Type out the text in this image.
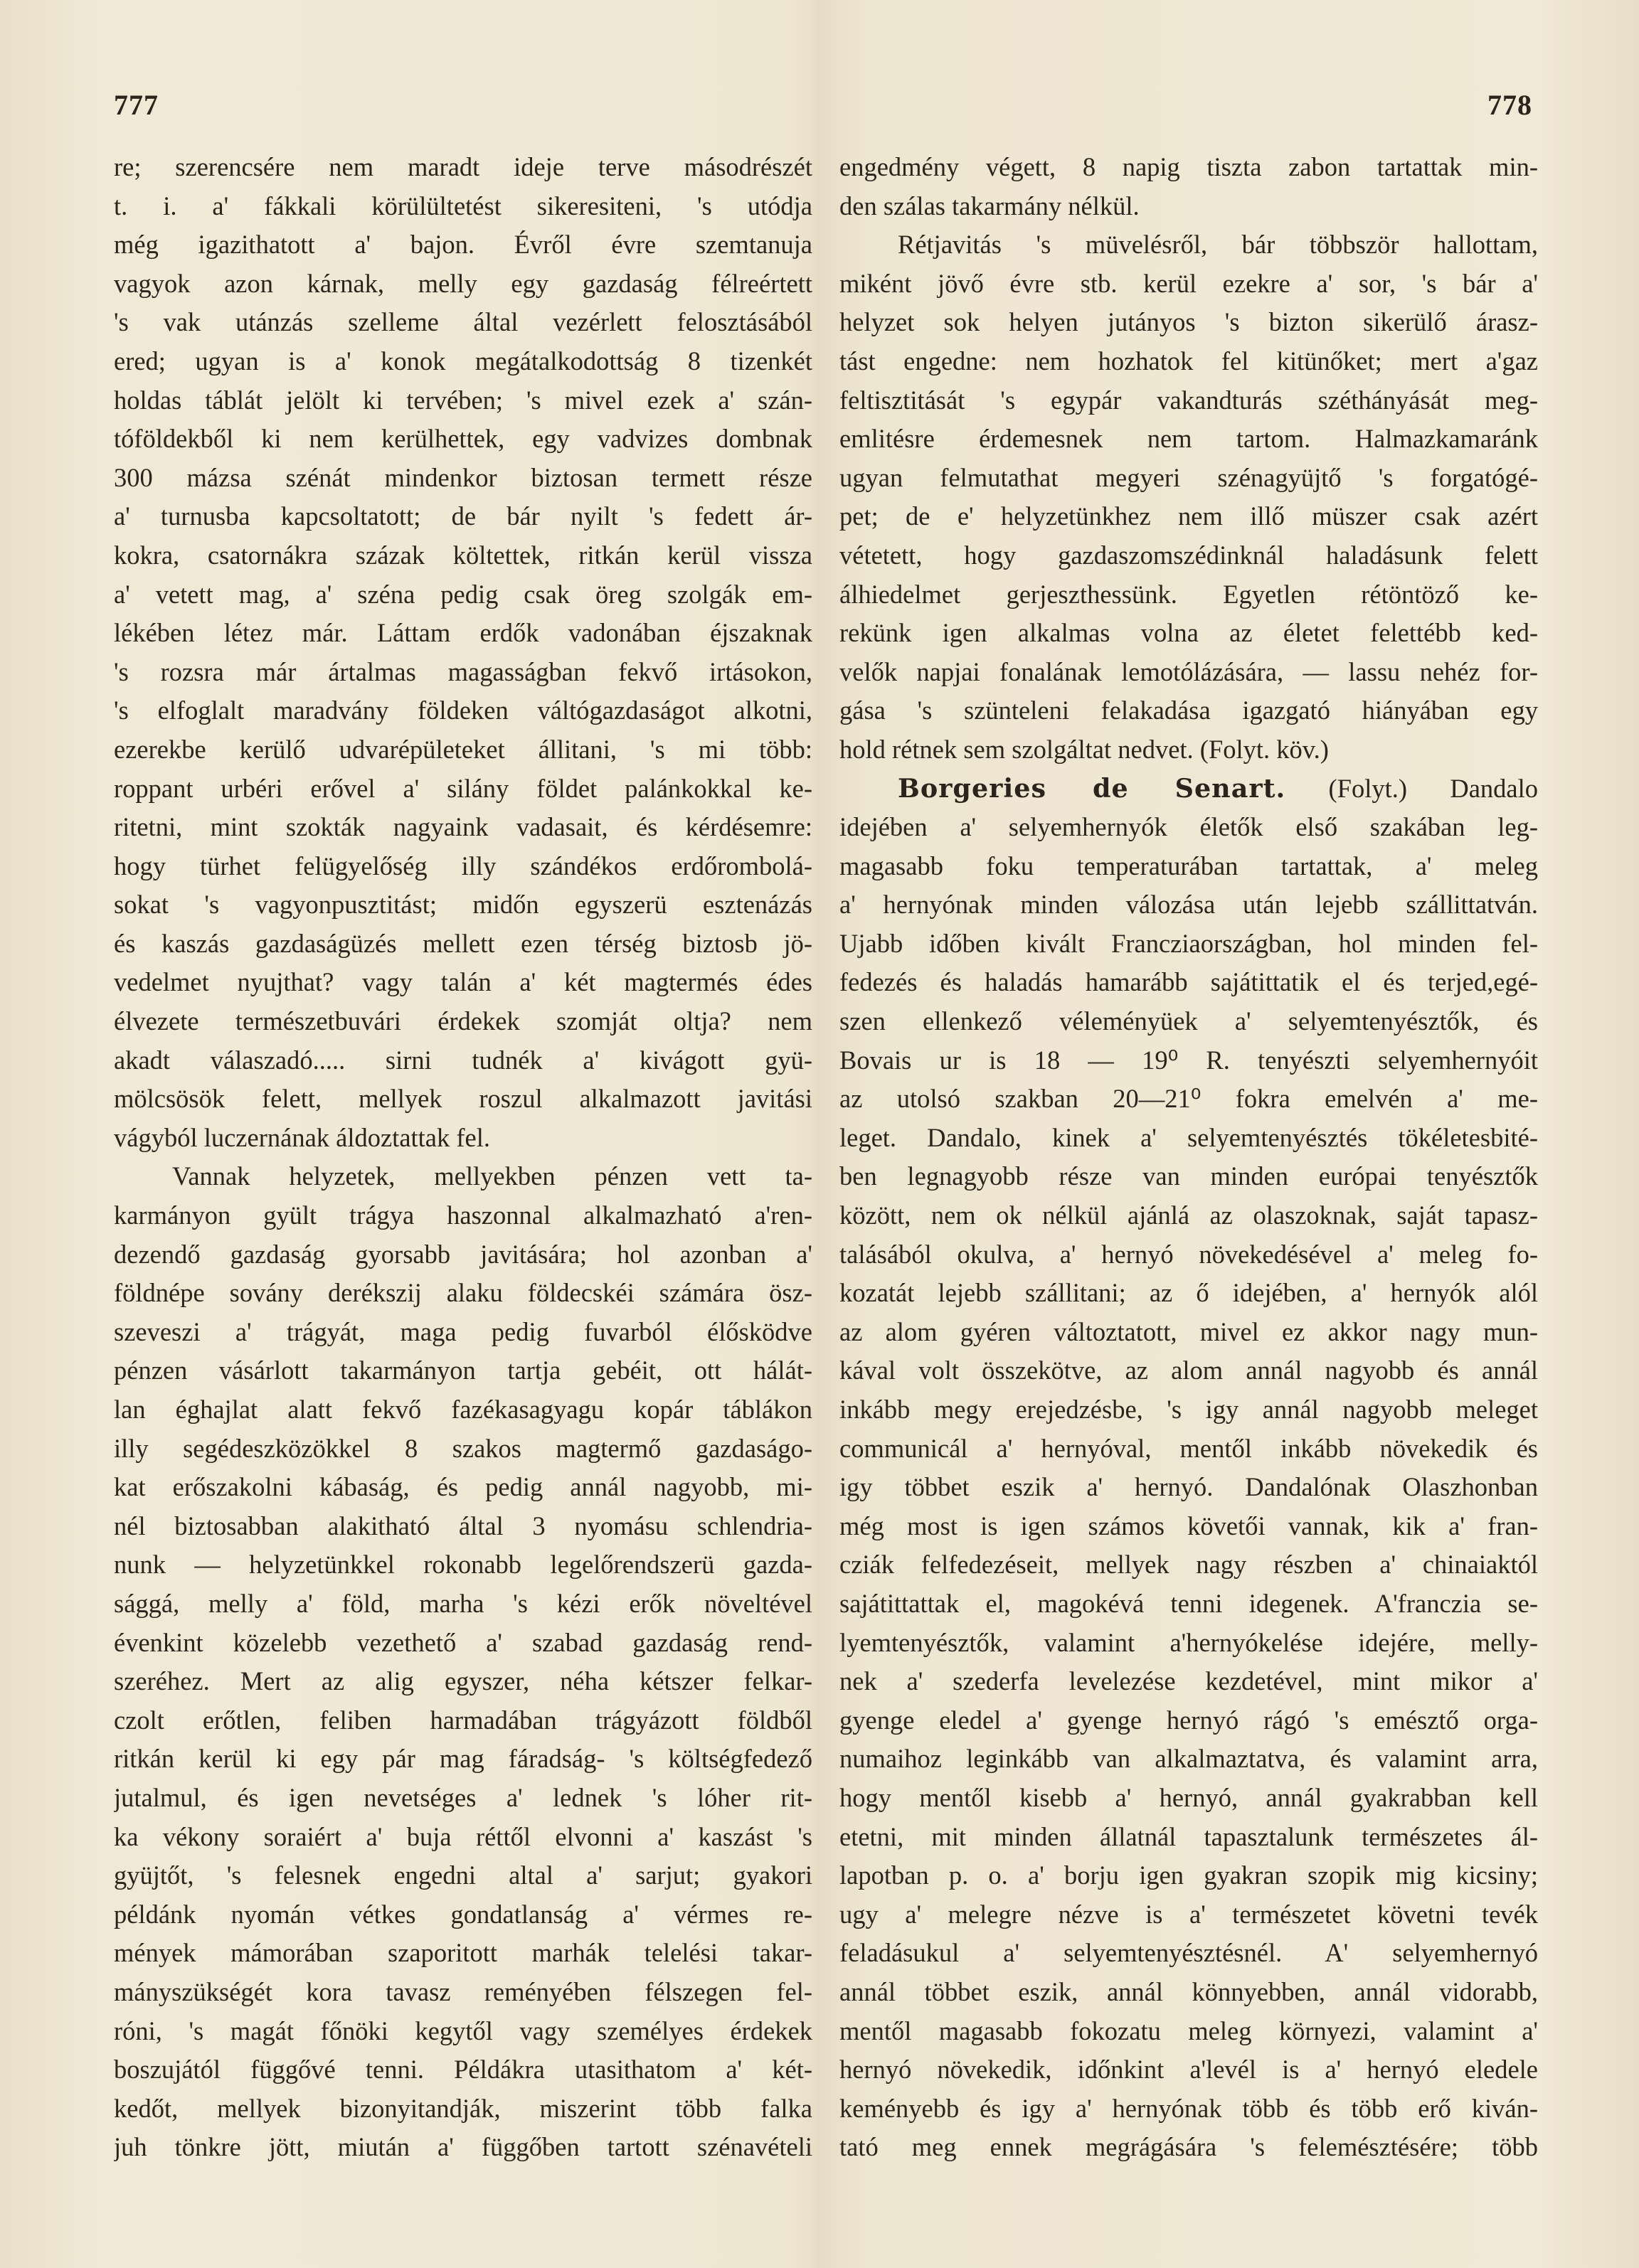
777	778
re; szerencsére nem maradt ideje terve másodrészét
t. i. a' fákkali körülültetést sikeresiteni, 's utódja
még igazithatott a' bajon. Évről évre szemtanuja
vagyok azon kárnak, melly egy gazdaság félreértett
's vak utánzás szelleme által vezérlett felosztásából
ered; ugyan is a' konok megátalkodottság 8 tizenkét
holdas táblát jelölt ki tervében; 's mivel ezek a' szán-
tóföldekből ki nem kerülhettek, egy vadvizes dombnak
300 mázsa szénát mindenkor biztosan termett része
a' turnusba kapcsoltatott; de bár nyilt 's fedett ár-
kokra, csatornákra százak költettek, ritkán kerül vissza
a' vetett mag, a' széna pedig csak öreg szolgák em-
lékében létez már. Láttam erdők vadonában éjszaknak
's rozsra már ártalmas magasságban fekvő irtásokon,
's elfoglalt maradvány földeken váltógazdaságot alkotni,
ezerekbe kerülő udvarépületeket állitani, 's mi több:
roppant urbéri erővel a' silány földet palánkokkal ke-
ritetni, mint szokták nagyaink vadasait, és kérdésemre:
hogy türhet felügyelőség illy szándékos erdőrombolá-
sokat 's vagyonpusztitást; midőn egyszerü esztenázás
és kaszás gazdaságüzés mellett ezen térség biztosb jö-
vedelmet nyujthat? vagy talán a' két magtermés édes
élvezete természetbuvári érdekek szomját oltja? nem
akadt válaszadó..... sirni tudnék a' kivágott gyü-
mölcsösök felett, mellyek roszul alkalmazott javitási
vágyból luczernának áldoztattak fel.
Vannak helyzetek, mellyekben pénzen vett ta-
karmányon gyült trágya haszonnal alkalmazható a'ren-
dezendő gazdaság gyorsabb javitására; hol azonban a'
földnépe sovány derékszij alaku földecskéi számára ösz-
szeveszi a' trágyát, maga pedig fuvarból élősködve
pénzen vásárlott takarmányon tartja gebéit, ott hálát-
lan éghajlat alatt fekvő fazékasagyagu kopár táblákon
illy segédeszközökkel 8 szakos magtermő gazdaságo-
kat erőszakolni kábaság, és pedig annál nagyobb, mi-
nél biztosabban alakitható által 3 nyomásu schlendria-
nunk — helyzetünkkel rokonabb legelőrendszerü gazda-
sággá, melly a' föld, marha 's kézi erők növeltével
évenkint közelebb vezethető a' szabad gazdaság rend-
szeréhez. Mert az alig egyszer, néha kétszer felkar-
czolt erőtlen, feliben harmadában trágyázott földből
ritkán kerül ki egy pár mag fáradság- 's költségfedező
jutalmul, és igen nevetséges a' lednek 's lóher rit-
ka vékony soraiért a' buja réttől elvonni a' kaszást 's
gyüjtőt, 's felesnek engedni altal a' sarjut; gyakori
példánk nyomán vétkes gondatlanság a' vérmes re-
mények mámorában szaporitott marhák telelési takar-
mányszükségét kora tavasz reményében félszegen fel-
róni, 's magát főnöki kegytől vagy személyes érdekek
boszujától függővé tenni. Példákra utasithatom a' két-
kedőt, mellyek bizonyitandják, miszerint több falka
juh tönkre jött, miután a' függőben tartott szénavételi
engedmény végett, 8 napig tiszta zabon tartattak min-
den szálas takarmány nélkül.
Rétjavitás 's müvelésről, bár többször hallottam,
miként jövő évre stb. kerül ezekre a' sor, 's bár a'
helyzet sok helyen jutányos 's bizton sikerülő árasz-
tást engedne: nem hozhatok fel kitünőket; mert a'gaz
feltisztitását 's egypár vakandturás széthányását meg-
emlitésre érdemesnek nem tartom. Halmazkamaránk
ugyan felmutathat megyeri szénagyüjtő 's forgatógé-
pet; de e' helyzetünkhez nem illő müszer csak azért
vétetett, hogy gazdaszomszédinknál haladásunk felett
álhiedelmet gerjeszthessünk. Egyetlen rétöntöző ke-
rekünk igen alkalmas volna az életet felettébb ked-
velők napjai fonalának lemotólázására, — lassu nehéz for-
gása 's szünteleni felakadása igazgató hiányában egy
hold rétnek sem szolgáltat nedvet. (Folyt. köv.)
Borgeries de Senart. (Folyt.) Dandalo
idejében a' selyemhernyók életők első szakában leg-
magasabb foku temperaturában tartattak, a' meleg
a' hernyónak minden válozása után lejebb szállittatván.
Ujabb időben kivált Francziaországban, hol minden fel-
fedezés és haladás hamarább sajátittatik el és terjed,egé-
szen ellenkező véleményüek a' selyemtenyésztők, és
Bovais ur is 18 — 19⁰ R. tenyészti selyemhernyóit
az utolsó szakban 20—21⁰ fokra emelvén a' me-
leget. Dandalo, kinek a' selyemtenyésztés tökéletesbité-
ben legnagyobb része van minden európai tenyésztők
között, nem ok nélkül ajánlá az olaszoknak, saját tapasz-
talásából okulva, a' hernyó növekedésével a' meleg fo-
kozatát lejebb szállitani; az ő idejében, a' hernyók alól
az alom gyéren változtatott, mivel ez akkor nagy mun-
kával volt összekötve, az alom annál nagyobb és annál
inkább megy erejedzésbe, 's igy annál nagyobb meleget
communicál a' hernyóval, mentől inkább növekedik és
igy többet eszik a' hernyó. Dandalónak Olaszhonban
még most is igen számos követői vannak, kik a' fran-
cziák felfedezéseit, mellyek nagy részben a' chinaiaktól
sajátittattak el, magokévá tenni idegenek. A'franczia se-
lyemtenyésztők, valamint a'hernyókelése idejére, melly-
nek a' szederfa levelezése kezdetével, mint mikor a'
gyenge eledel a' gyenge hernyó rágó 's emésztő orga-
numaihoz leginkább van alkalmaztatva, és valamint arra,
hogy mentől kisebb a' hernyó, annál gyakrabban kell
etetni, mit minden állatnál tapasztalunk természetes ál-
lapotban p. o. a' borju igen gyakran szopik mig kicsiny;
ugy a' melegre nézve is a' természetet követni tevék
feladásukul a' selyemtenyésztésnél. A' selyemhernyó
annál többet eszik, annál könnyebben, annál vidorabb,
mentől magasabb fokozatu meleg környezi, valamint a'
hernyó növekedik, időnkint a'levél is a' hernyó eledele
keményebb és igy a' hernyónak több és több erő kiván-
tató meg ennek megrágására 's felemésztésére; több
